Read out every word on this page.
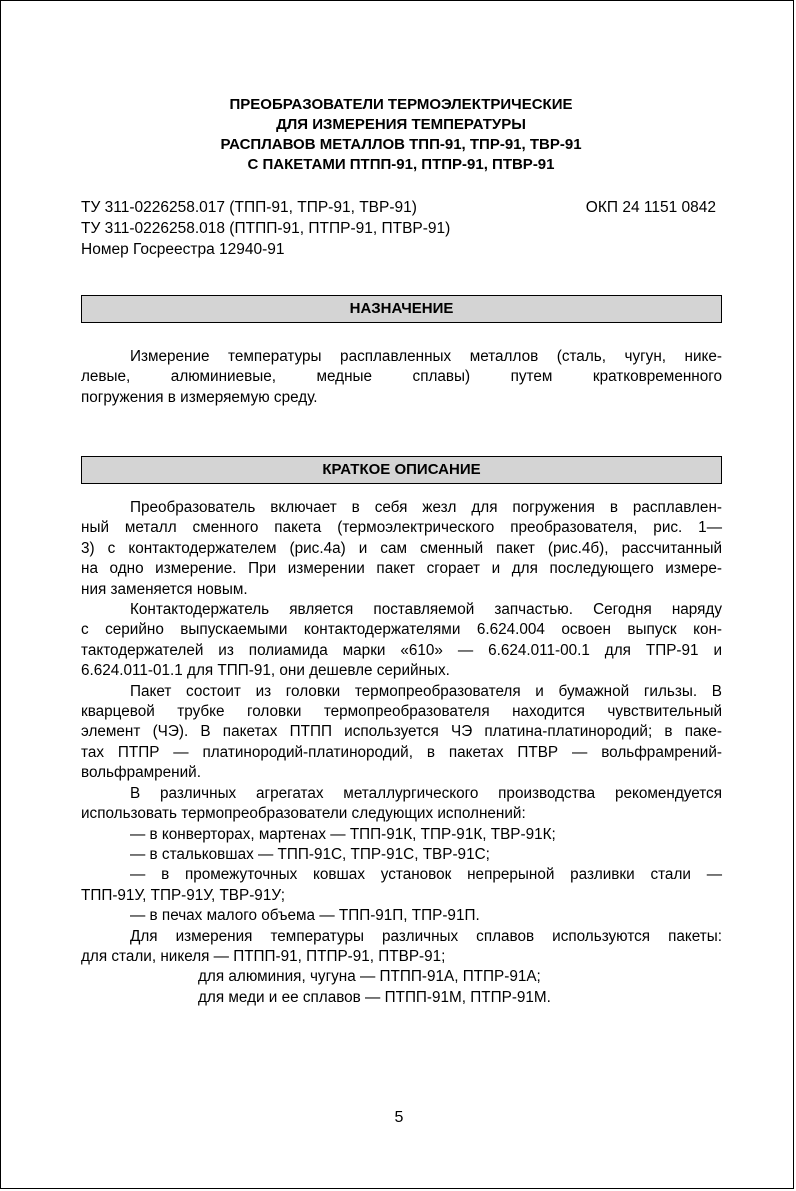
ПРЕОБРАЗОВАТЕЛИ ТЕРМОЭЛЕКТРИЧЕСКИЕ
ДЛЯ ИЗМЕРЕНИЯ ТЕМПЕРАТУРЫ
РАСПЛАВОВ МЕТАЛЛОВ ТПП-91, ТПР-91, ТВР-91
С ПАКЕТАМИ ПТПП-91, ПТПР-91, ПТВР-91
ТУ 311-0226258.017 (ТПП-91, ТПР-91, ТВР-91)	ОКП 24 1151 0842
ТУ 311-0226258.018 (ПТПП-91, ПТПР-91, ПТВР-91)
Номер Госреестра 12940-91
НАЗНАЧЕНИЕ
Измерение температуры расплавленных металлов (сталь, чугун, нике-
левые, алюминиевые, медные сплавы) путем кратковременного
погружения в измеряемую среду.
КРАТКОЕ ОПИСАНИЕ
Преобразователь включает в себя жезл для погружения в расплавлен-
ный металл сменного пакета (термоэлектрического преобразователя, рис. 1—
3) с контактодержателем (рис.4а) и сам сменный пакет (рис.4б), рассчитанный
на одно измерение. При измерении пакет сгорает и для последующего измере-
ния заменяется новым.
Контактодержатель является поставляемой запчастью. Сегодня наряду
с серийно выпускаемыми контактодержателями 6.624.004 освоен выпуск кон-
тактодержателей из полиамида марки «610» — 6.624.011-00.1 для ТПР-91 и
6.624.011-01.1 для ТПП-91, они дешевле серийных.
Пакет состоит из головки термопреобразователя и бумажной гильзы. В
кварцевой трубке головки термопреобразователя находится чувствительный
элемент (ЧЭ). В пакетах ПТПП используется ЧЭ платина-платинородий; в паке-
тах ПТПР — платинородий-платинородий, в пакетах ПТВР — вольфрамрений-
вольфрамрений.
В различных агрегатах металлургического производства рекомендуется
использовать термопреобразователи следующих исполнений:
— в конверторах, мартенах — ТПП-91К, ТПР-91К, ТВР-91К;
— в стальковшах — ТПП-91С, ТПР-91С, ТВР-91С;
— в промежуточных ковшах установок непрерыной разливки стали —
ТПП-91У, ТПР-91У, ТВР-91У;
— в печах малого объема — ТПП-91П, ТПР-91П.
Для измерения температуры различных сплавов используются пакеты:
для стали, никеля — ПТПП-91, ПТПР-91, ПТВР-91;
для алюминия, чугуна — ПТПП-91А, ПТПР-91А;
для меди и ее сплавов — ПТПП-91М, ПТПР-91М.
5
